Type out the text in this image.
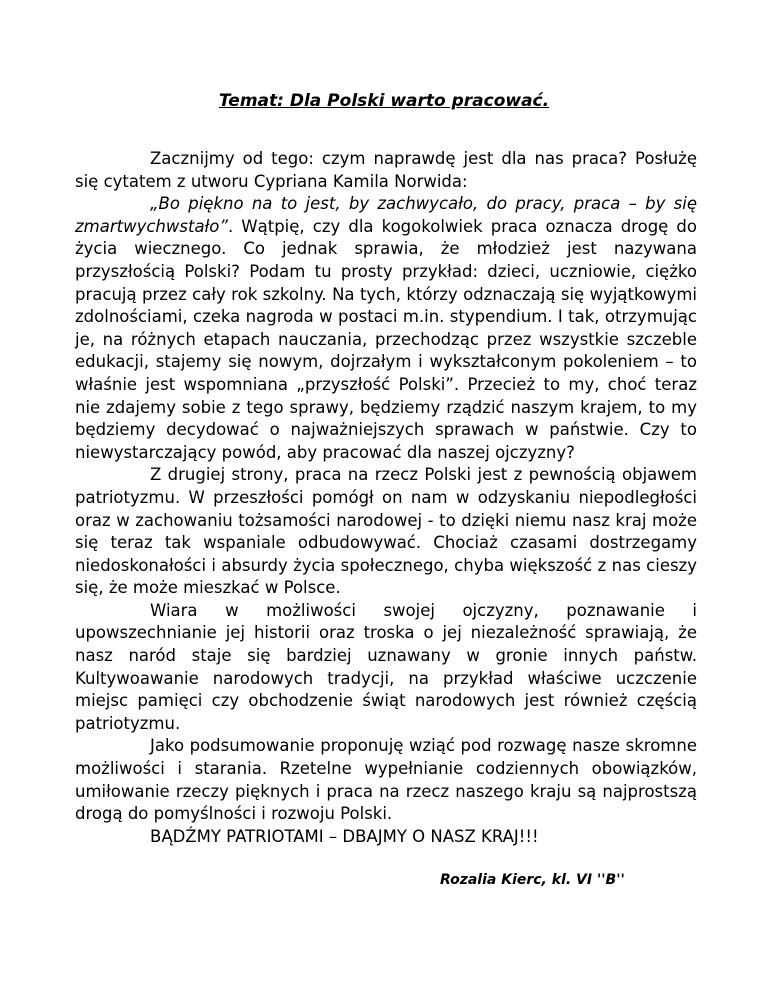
Temat: Dla Polski warto pracować.

Zacznijmy od tego: czym naprawdę jest dla nas praca? Posłużę się cytatem z utworu Cypriana Kamila Norwida:

„Bo piękno na to jest, by zachwycało, do pracy, praca – by się zmartwychwstało”. Wątpię, czy dla kogokolwiek praca oznacza drogę do życia wiecznego. Co jednak sprawia, że młodzież jest nazywana przyszłością Polski? Podam tu prosty przykład: dzieci, uczniowie, ciężko pracują przez cały rok szkolny. Na tych, którzy odznaczają się wyjątkowymi zdolnościami, czeka nagroda w postaci m.in. stypendium. I tak, otrzymując je, na różnych etapach nauczania, przechodząc przez wszystkie szczeble edukacji, stajemy się nowym, dojrzałym i wykształconym pokoleniem – to właśnie jest wspomniana „przyszłość Polski”. Przecież to my, choć teraz nie zdajemy sobie z tego sprawy, będziemy rządzić naszym krajem, to my będziemy decydować o najważniejszych sprawach w państwie. Czy to niewystarczający powód, aby pracować dla naszej ojczyzny?

Z drugiej strony, praca na rzecz Polski jest z pewnością objawem patriotyzmu. W przeszłości pomógł on nam w odzyskaniu niepodległości oraz w zachowaniu tożsamości narodowej - to dzięki niemu nasz kraj może się teraz tak wspaniale odbudowywać. Chociaż czasami dostrzegamy niedoskonałości i absurdy życia społecznego, chyba większość z nas cieszy się, że może mieszkać w Polsce.

Wiara w możliwości swojej ojczyzny, poznawanie i upowszechnianie jej historii oraz troska o jej niezależność sprawiają, że nasz naród staje się bardziej uznawany w gronie innych państw. Kultywoawanie narodowych tradycji, na przykład właściwe uczczenie miejsc pamięci czy obchodzenie świąt narodowych jest również częścią patriotyzmu.

Jako podsumowanie proponuję wziąć pod rozwagę nasze skromne możliwości i starania. Rzetelne wypełnianie codziennych obowiązków, umiłowanie rzeczy pięknych i praca na rzecz naszego kraju są najprostszą drogą do pomyślności i rozwoju Polski.

BĄDŹMY PATRIOTAMI – DBAJMY O NASZ KRAJ!!!

Rozalia Kierc, kl. VI ''B''
